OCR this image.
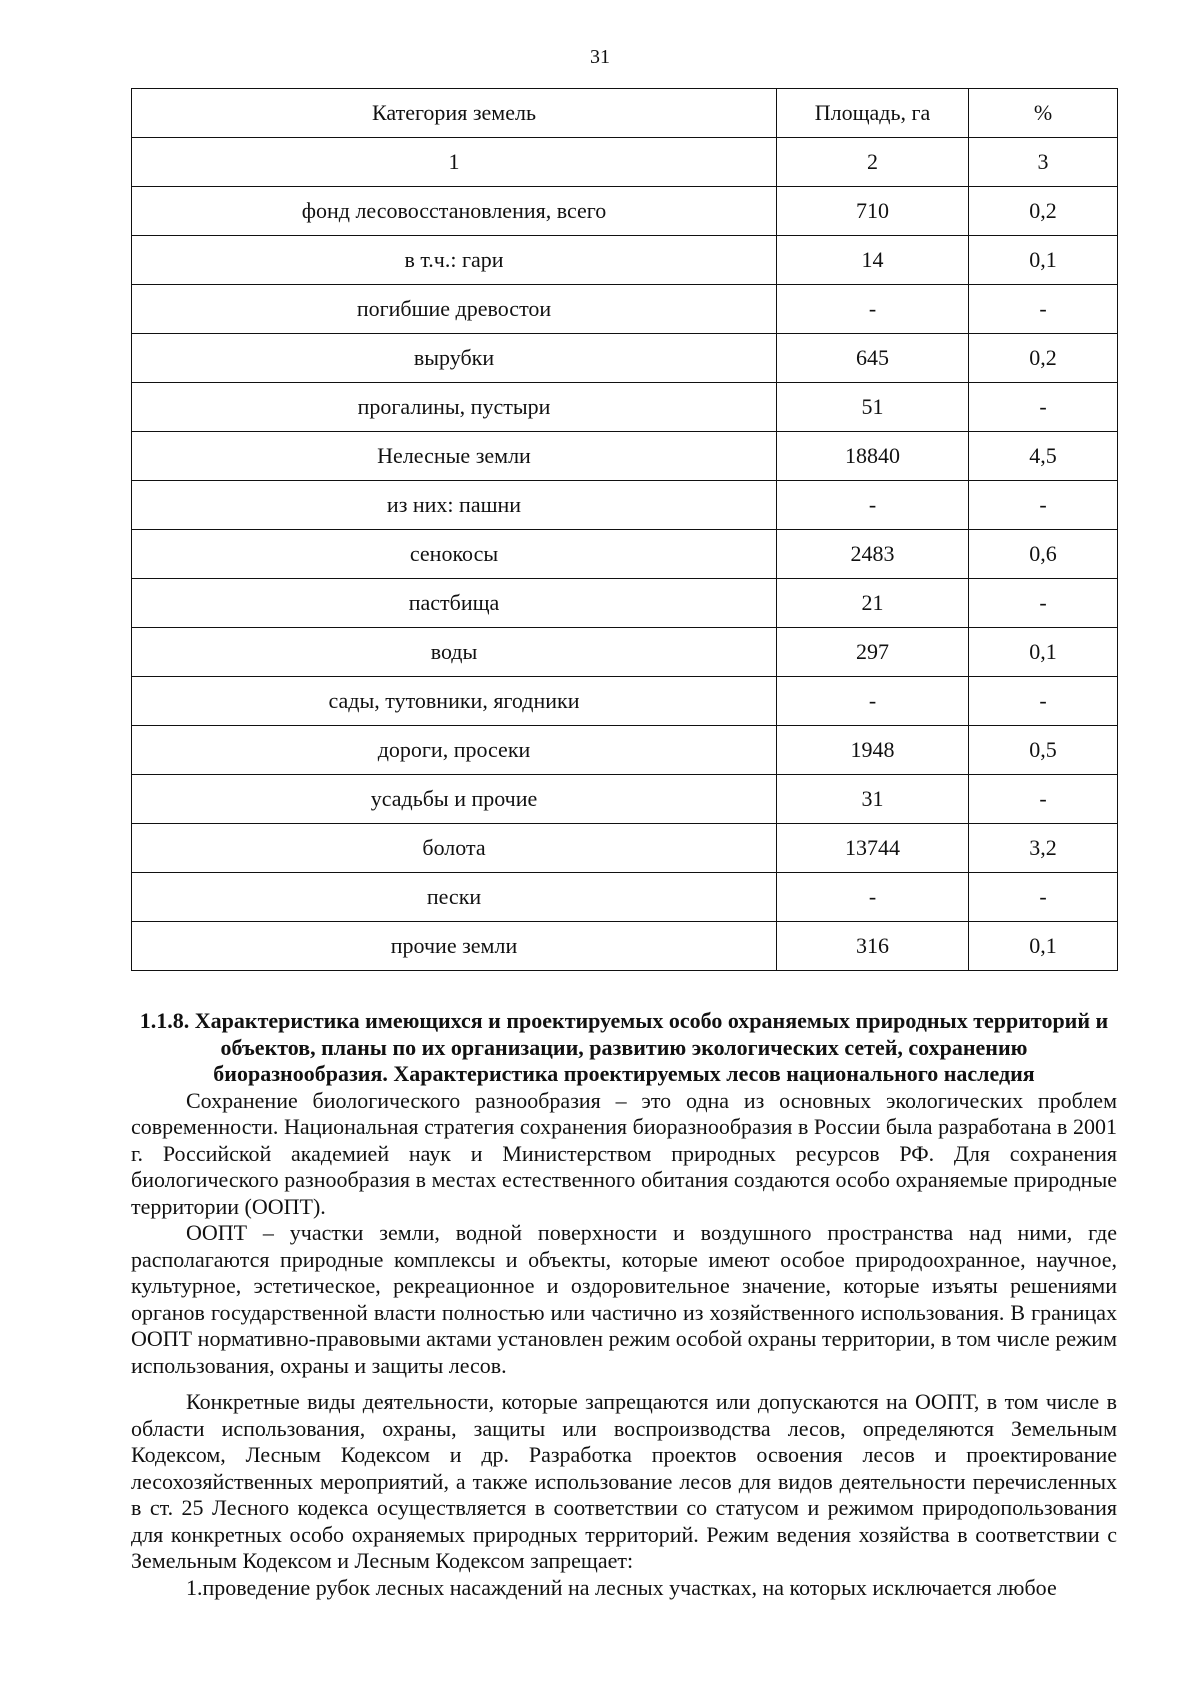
31
Категория земель	Площадь, га	%
1	2	3
фонд лесовосстановления, всего	710	0,2
в т.ч.: гари	14	0,1
погибшие древостои	-	-
вырубки	645	0,2
прогалины, пустыри	51	-
Нелесные земли	18840	4,5
из них: пашни	-	-
сенокосы	2483	0,6
пастбища	21	-
воды	297	0,1
сады, тутовники, ягодники	-	-
дороги, просеки	1948	0,5
усадьбы и прочие	31	-
болота	13744	3,2
пески	-	-
прочие земли	316	0,1

1.1.8. Характеристика имеющихся и проектируемых особо охраняемых природных территорий и объектов, планы по их организации, развитию экологических сетей, сохранению биоразнообразия. Характеристика проектируемых лесов национального наследия

Сохранение биологического разнообразия – это одна из основных экологических проблем современности. Национальная стратегия сохранения биоразнообразия в России была разработана в 2001 г. Российской академией наук и Министерством природных ресурсов РФ. Для сохранения биологического разнообразия в местах естественного обитания создаются особо охраняемые природные территории (ООПТ).

ООПТ – участки земли, водной поверхности и воздушного пространства над ними, где располагаются природные комплексы и объекты, которые имеют особое природоохранное, научное, культурное, эстетическое, рекреационное и оздоровительное значение, которые изъяты решениями органов государственной власти полностью или частично из хозяйственного использования. В границах ООПТ нормативно-правовыми актами установлен режим особой охраны территории, в том числе режим использования, охраны и защиты лесов.

Конкретные виды деятельности, которые запрещаются или допускаются на ООПТ, в том числе в области использования, охраны, защиты или воспроизводства лесов, определяются Земельным Кодексом, Лесным Кодексом и др. Разработка проектов освоения лесов и проектирование лесохозяйственных мероприятий, а также использование лесов для видов деятельности перечисленных в ст. 25 Лесного кодекса осуществляется в соответствии со статусом и режимом природопользования для конкретных особо охраняемых природных территорий. Режим ведения хозяйства в соответствии с Земельным Кодексом и Лесным Кодексом запрещает:

1.проведение рубок лесных насаждений на лесных участках, на которых исключается любое
